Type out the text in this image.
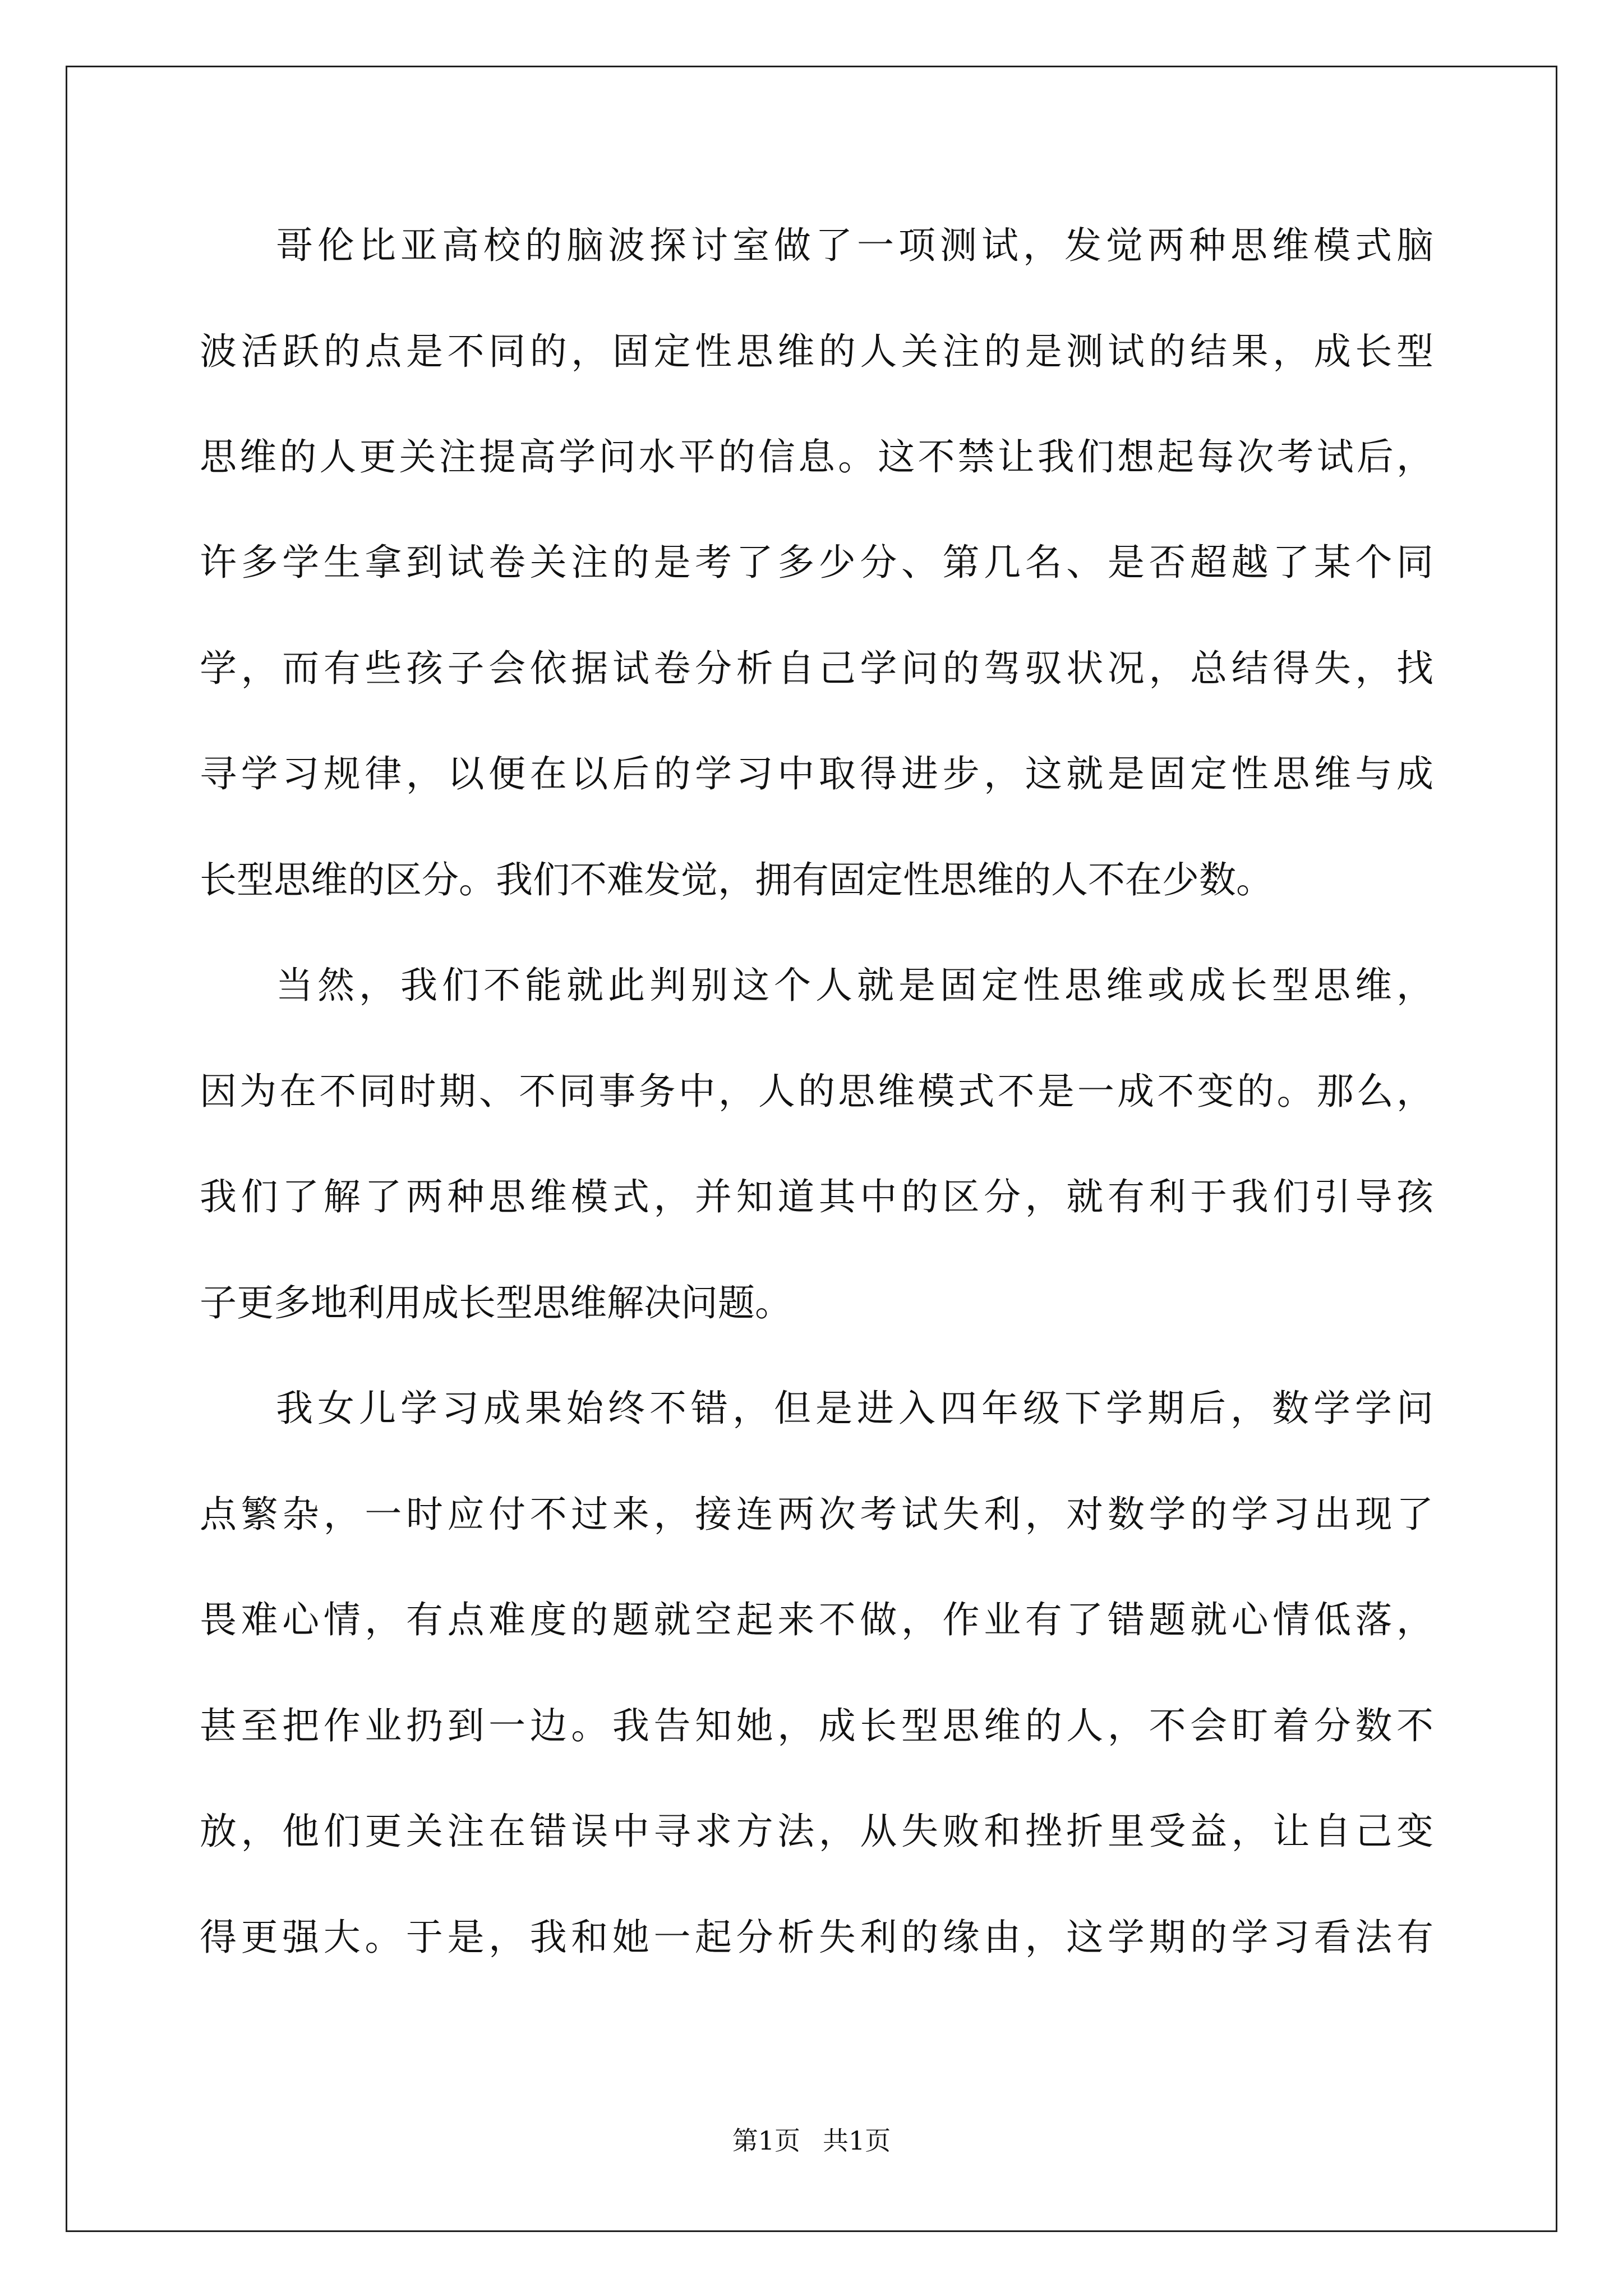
哥伦比亚高校的脑波探讨室做了一项测试，发觉两种思维模式脑
波活跃的点是不同的，固定性思维的人关注的是测试的结果，成长型
思维的人更关注提高学问水平的信息。这不禁让我们想起每次考试后，
许多学生拿到试卷关注的是考了多少分、第几名、是否超越了某个同
学，而有些孩子会依据试卷分析自己学问的驾驭状况，总结得失，找
寻学习规律，以便在以后的学习中取得进步，这就是固定性思维与成
长型思维的区分。我们不难发觉，拥有固定性思维的人不在少数。
当然，我们不能就此判别这个人就是固定性思维或成长型思维，
因为在不同时期、不同事务中，人的思维模式不是一成不变的。那么，
我们了解了两种思维模式，并知道其中的区分，就有利于我们引导孩
子更多地利用成长型思维解决问题。
我女儿学习成果始终不错，但是进入四年级下学期后，数学学问
点繁杂，一时应付不过来，接连两次考试失利，对数学的学习出现了
畏难心情，有点难度的题就空起来不做，作业有了错题就心情低落，
甚至把作业扔到一边。我告知她，成长型思维的人，不会盯着分数不
放，他们更关注在错误中寻求方法，从失败和挫折里受益，让自己变
得更强大。于是，我和她一起分析失利的缘由，这学期的学习看法有
第1页 共1页
